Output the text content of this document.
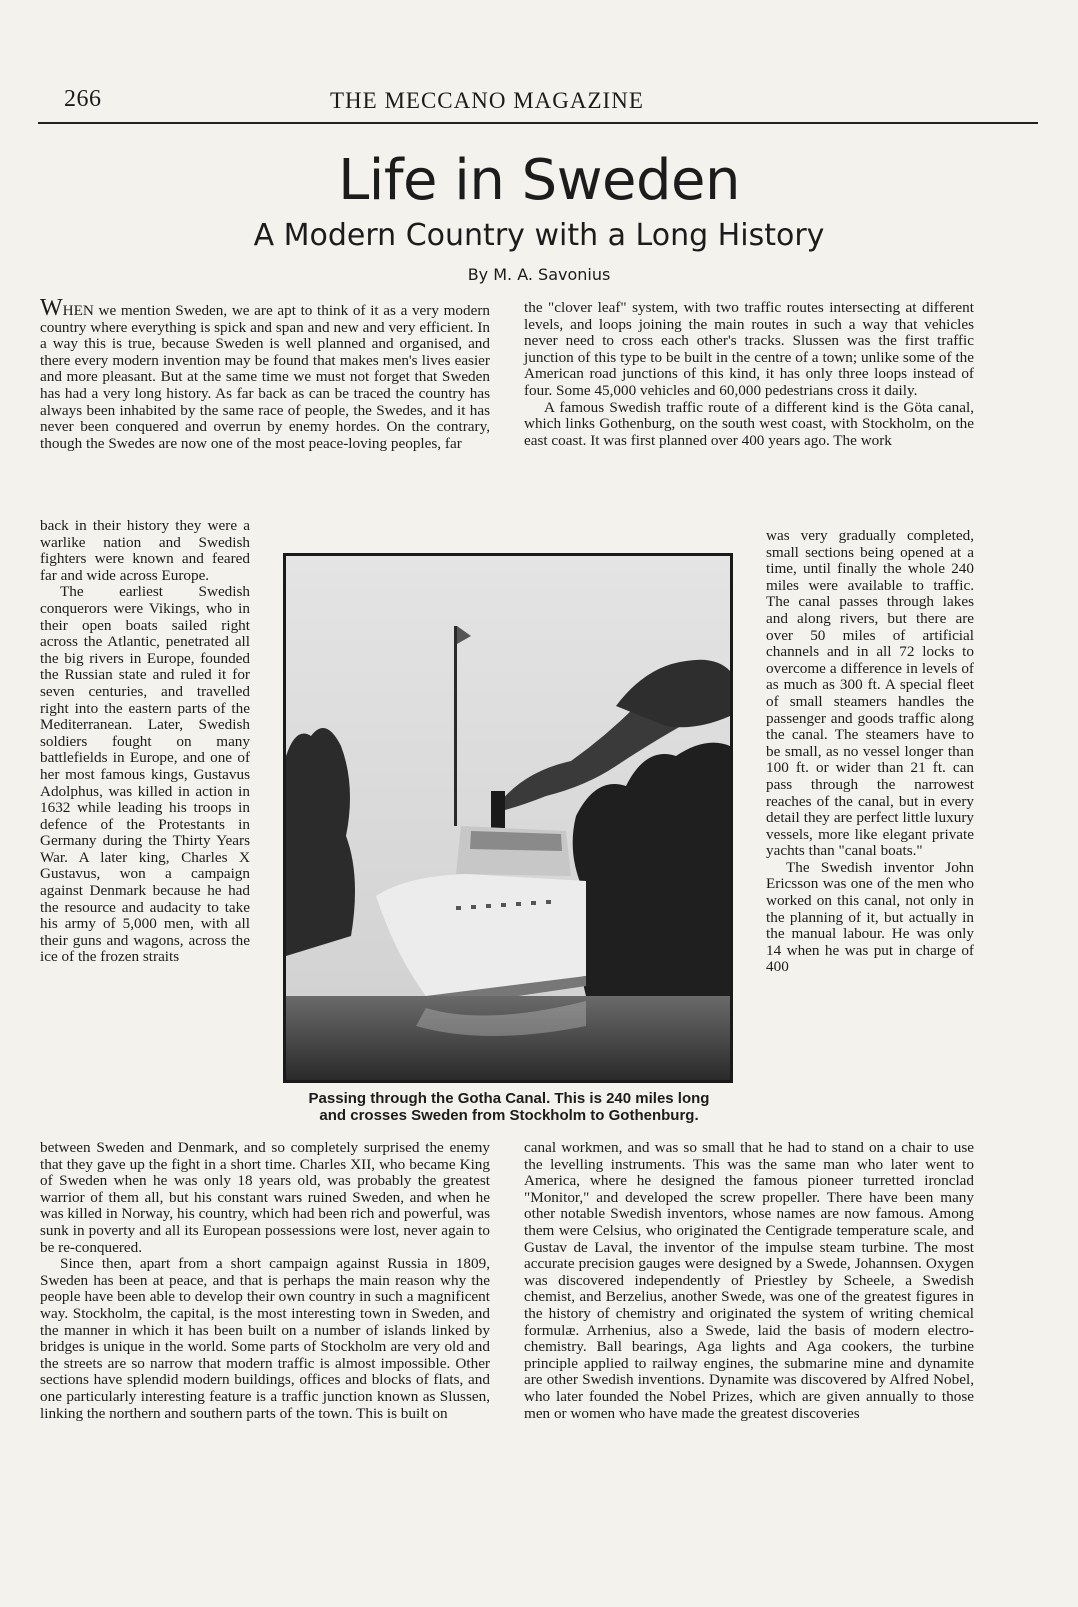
266	THE MECCANO MAGAZINE
Life in Sweden
A Modern Country with a Long History
By M. A. Savonius

WHEN we mention Sweden, we are apt to think of it as a very modern country where everything is spick and span and new and very efficient. In a way this is true, because Sweden is well planned and organised, and there every modern invention may be found that makes men's lives easier and more pleasant. But at the same time we must not forget that Sweden has had a very long history. As far back as can be traced the country has always been inhabited by the same race of people, the Swedes, and it has never been conquered and overrun by enemy hordes. On the contrary, though the Swedes are now one of the most peace-loving peoples, far

back in their history they were a warlike nation and Swedish fighters were known and feared far and wide across Europe.

The earliest Swedish conquerors were Vikings, who in their open boats sailed right across the Atlantic, penetrated all the big rivers in Europe, founded the Russian state and ruled it for seven centuries, and travelled right into the eastern parts of the Mediterranean. Later, Swedish soldiers fought on many battlefields in Europe, and one of her most famous kings, Gustavus Adolphus, was killed in action in 1632 while leading his troops in defence of the Protestants in Germany during the Thirty Years War. A later king, Charles X Gustavus, won a campaign against Denmark because he had the resource and audacity to take his army of 5,000 men, with all their guns and wagons, across the ice of the frozen straits

between Sweden and Denmark, and so completely surprised the enemy that they gave up the fight in a short time. Charles XII, who became King of Sweden when he was only 18 years old, was probably the greatest warrior of them all, but his constant wars ruined Sweden, and when he was killed in Norway, his country, which had been rich and powerful, was sunk in poverty and all its European possessions were lost, never again to be re-conquered.

Since then, apart from a short campaign against Russia in 1809, Sweden has been at peace, and that is perhaps the main reason why the people have been able to develop their own country in such a magnificent way. Stockholm, the capital, is the most interesting town in Sweden, and the manner in which it has been built on a number of islands linked by bridges is unique in the world. Some parts of Stockholm are very old and the streets are so narrow that modern traffic is almost impossible. Other sections have splendid modern buildings, offices and blocks of flats, and one particularly interesting feature is a traffic junction known as Slussen, linking the northern and southern parts of the town. This is built on

the "clover leaf" system, with two traffic routes intersecting at different levels, and loops joining the main routes in such a way that vehicles never need to cross each other's tracks. Slussen was the first traffic junction of this type to be built in the centre of a town; unlike some of the American road junctions of this kind, it has only three loops instead of four. Some 45,000 vehicles and 60,000 pedestrians cross it daily.

A famous Swedish traffic route of a different kind is the Göta canal, which links Gothenburg, on the south west coast, with Stockholm, on the east coast. It was first planned over 400 years ago. The work

was very gradually completed, small sections being opened at a time, until finally the whole 240 miles were available to traffic. The canal passes through lakes and along rivers, but there are over 50 miles of artificial channels and in all 72 locks to overcome a difference in levels of as much as 300 ft. A special fleet of small steamers handles the passenger and goods traffic along the canal. The steamers have to be small, as no vessel longer than 100 ft. or wider than 21 ft. can pass through the narrowest reaches of the canal, but in every detail they are perfect little luxury vessels, more like elegant private yachts than "canal boats."

The Swedish inventor John Ericsson was one of the men who worked on this canal, not only in the planning of it, but actually in the manual labour. He was only 14 when he was put in charge of 400

canal workmen, and was so small that he had to stand on a chair to use the levelling instruments. This was the same man who later went to America, where he designed the famous pioneer turretted ironclad "Monitor," and developed the screw propeller. There have been many other notable Swedish inventors, whose names are now famous. Among them were Celsius, who originated the Centigrade temperature scale, and Gustav de Laval, the inventor of the impulse steam turbine. The most accurate precision gauges were designed by a Swede, Johannsen. Oxygen was discovered independently of Priestley by Scheele, a Swedish chemist, and Berzelius, another Swede, was one of the greatest figures in the history of chemistry and originated the system of writing chemical formulæ. Arrhenius, also a Swede, laid the basis of modern electro-chemistry. Ball bearings, Aga lights and Aga cookers, the turbine principle applied to railway engines, the submarine mine and dynamite are other Swedish inventions. Dynamite was discovered by Alfred Nobel, who later founded the Nobel Prizes, which are given annually to those men or women who have made the greatest discoveries

Passing through the Gotha Canal. This is 240 miles long
and crosses Sweden from Stockholm to Gothenburg.
